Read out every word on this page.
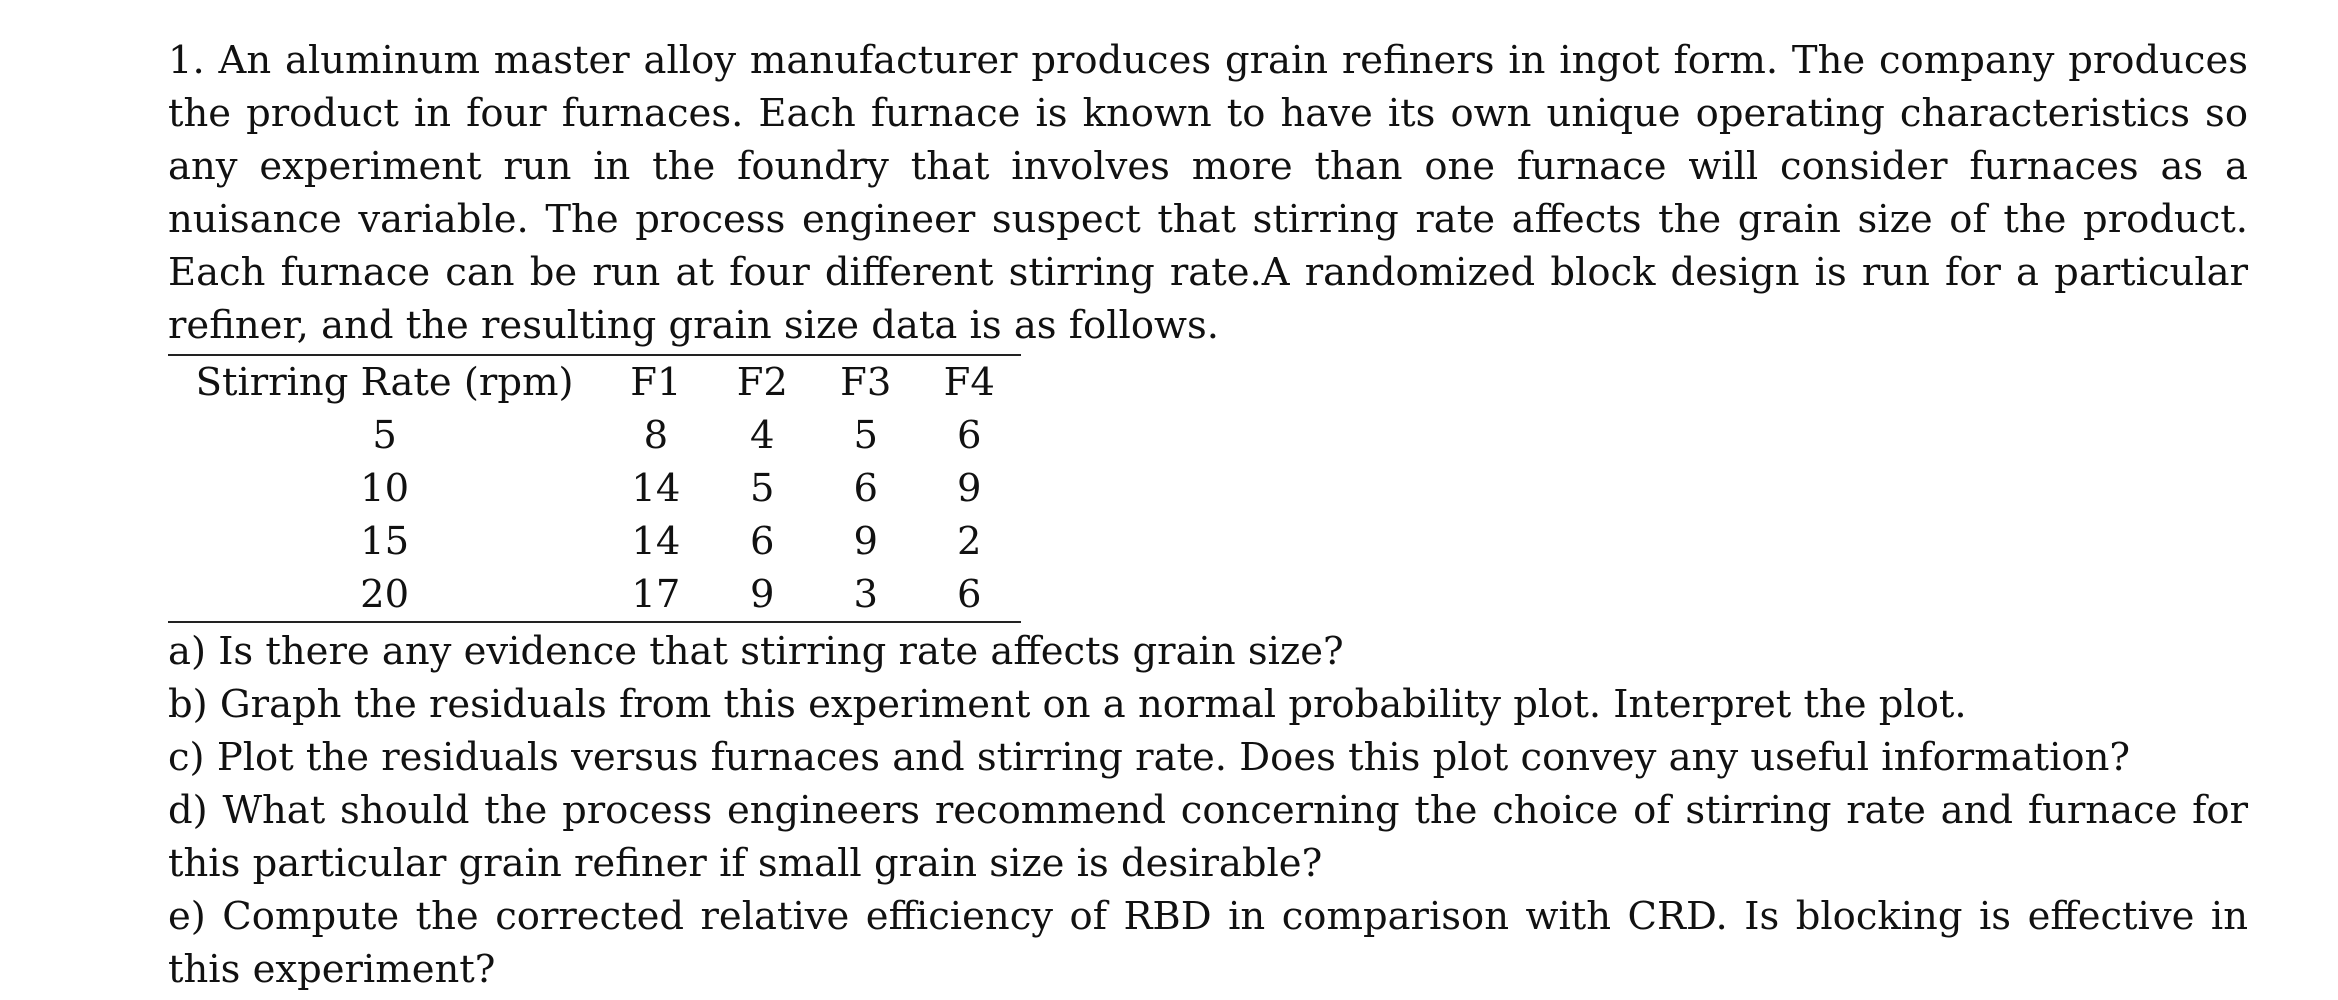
1. An aluminum master alloy manufacturer produces grain refiners in ingot form. The company produces the product in four furnaces. Each furnace is known to have its own unique operating characteristics so any experiment run in the foundry that involves more than one furnace will consider furnaces as a nuisance variable. The process engineer suspect that stirring rate affects the grain size of the product. Each furnace can be run at four different stirring rate.A randomized block design is run for a particular refiner, and the resulting grain size data is as follows.

Stirring Rate (rpm)	F1	F2	F3	F4
5	8	4	5	6
10	14	5	6	9
15	14	6	9	2
20	17	9	3	6

a) Is there any evidence that stirring rate affects grain size?

b) Graph the residuals from this experiment on a normal probability plot. Interpret the plot.

c) Plot the residuals versus furnaces and stirring rate. Does this plot convey any useful information?

d) What should the process engineers recommend concerning the choice of stirring rate and furnace for this particular grain refiner if small grain size is desirable?

e) Compute the corrected relative efficiency of RBD in comparison with CRD. Is blocking is effective in this experiment?
